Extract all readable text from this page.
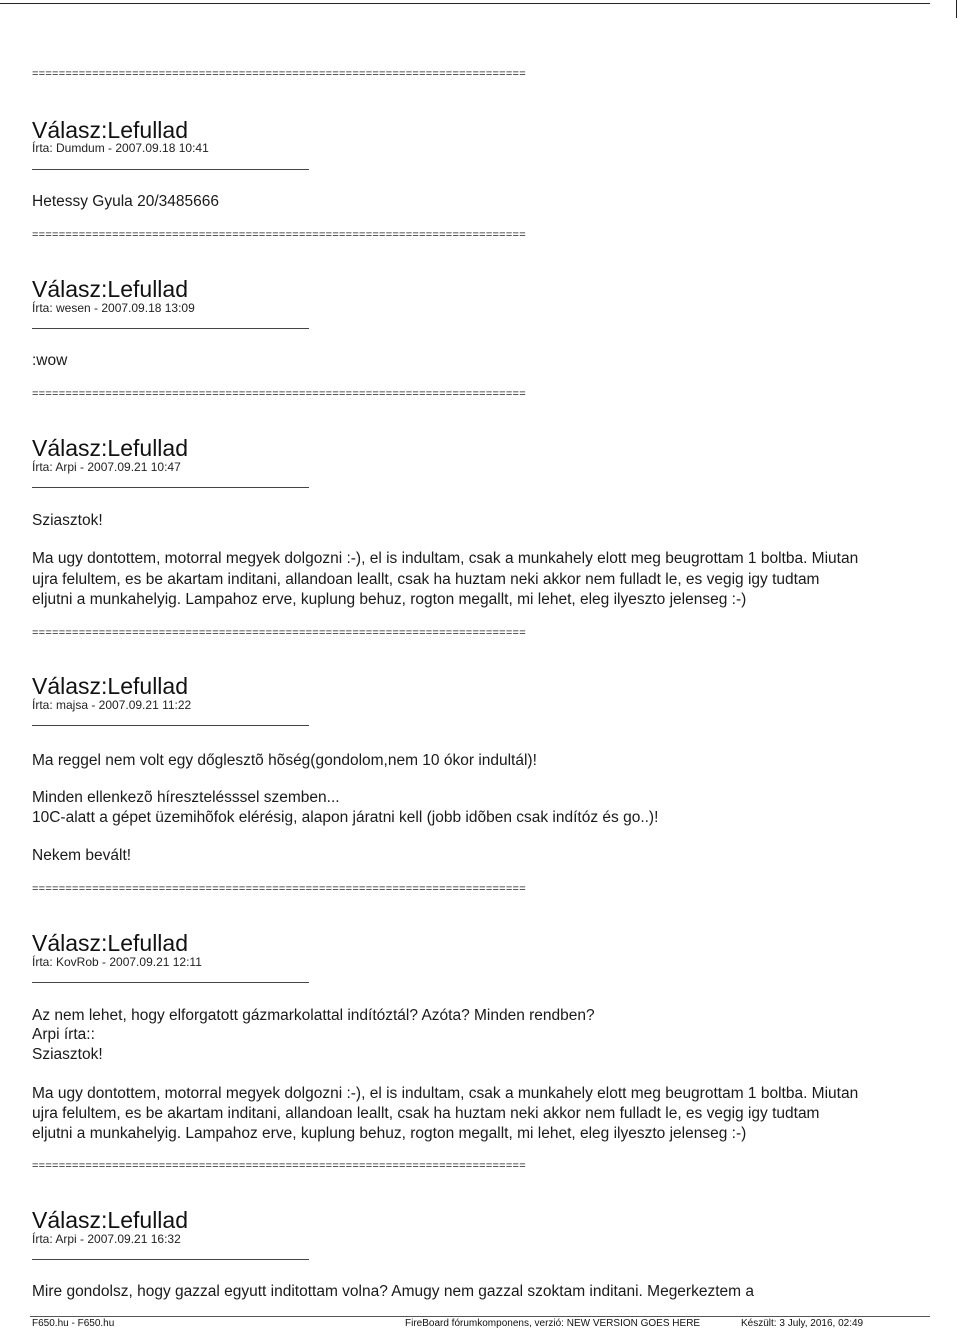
==========================================================================
Válasz:Lefullad
Írta: Dumdum - 2007.09.18 10:41
Hetessy Gyula 20/3485666
==========================================================================
Válasz:Lefullad
Írta: wesen - 2007.09.18 13:09
:wow
==========================================================================
Válasz:Lefullad
Írta: Arpi - 2007.09.21 10:47
Sziasztok!
Ma ugy dontottem, motorral megyek dolgozni :-), el is indultam, csak a munkahely elott meg beugrottam 1 boltba. Miutan
ujra felultem, es be akartam inditani, allandoan leallt, csak ha huztam neki akkor nem fulladt le, es vegig igy tudtam
eljutni a munkahelyig. Lampahoz erve, kuplung behuz, rogton megallt, mi lehet, eleg ilyeszto jelenseg :-)
==========================================================================
Válasz:Lefullad
Írta: majsa - 2007.09.21 11:22
Ma reggel nem volt egy dőglesztõ hõség(gondolom,nem 10 ókor indultál)!
Minden ellenkezõ híresztelésssel szemben...
10C-alatt a gépet üzemihõfok elérésig, alapon járatni kell (jobb idõben csak indítóz és go..)!
Nekem bevált!
==========================================================================
Válasz:Lefullad
Írta: KovRob - 2007.09.21 12:11
Az nem lehet, hogy elforgatott gázmarkolattal indítóztál? Azóta? Minden rendben?
Arpi írta::
Sziasztok!
Ma ugy dontottem, motorral megyek dolgozni :-), el is indultam, csak a munkahely elott meg beugrottam 1 boltba. Miutan
ujra felultem, es be akartam inditani, allandoan leallt, csak ha huztam neki akkor nem fulladt le, es vegig igy tudtam
eljutni a munkahelyig. Lampahoz erve, kuplung behuz, rogton megallt, mi lehet, eleg ilyeszto jelenseg :-)
==========================================================================
Válasz:Lefullad
Írta: Arpi - 2007.09.21 16:32
Mire gondolsz, hogy gazzal egyutt inditottam volna? Amugy nem gazzal szoktam inditani. Megerkeztem a
F650.hu - F650.hu	FireBoard fórumkomponens, verzió: NEW VERSION GOES HERE	Készült: 3 July, 2016, 02:49
